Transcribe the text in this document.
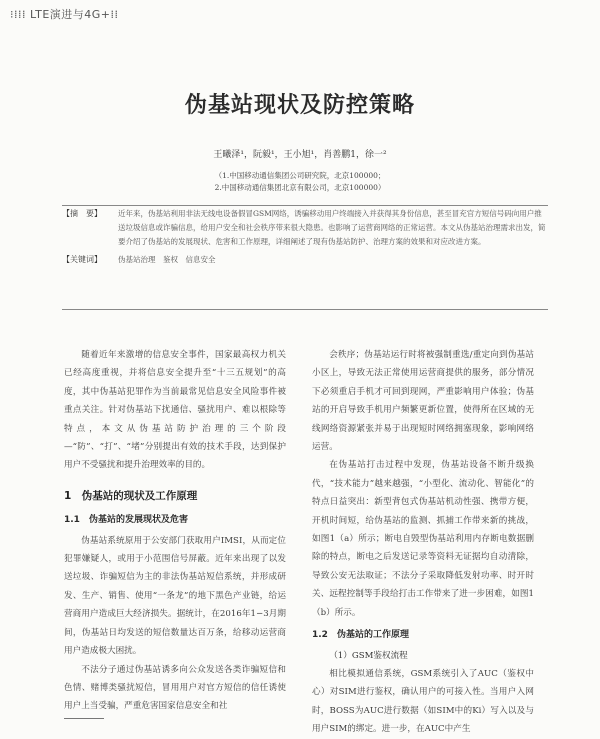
⁝⁞⁞⁞ LTE演进与4G+⁞⁞
伪基站现状及防控策略
王曦泽¹，阮毅¹，王小旭¹，肖善鹏1，徐一²
（1.中国移动通信集团公司研究院，北京100000；
2.中国移动通信集团北京有限公司，北京100000）
【摘　要】	近年来，伪基站利用非法无线电设备假冒GSM网络，诱骗移动用户终端接入并获得其身份信息，甚至冒充官方短信号码向用户推送垃圾信息或诈骗信息，给用户安全和社会秩序带来很大隐患。也影响了运营商网络的正常运营。本文从伪基站治理需求出发，简要介绍了伪基站的发展现状、危害和工作原理，详细阐述了现有伪基站防护、治理方案的效果和对应改进方案。
【关键词】	伪基站治理　鉴权　信息安全

随着近年来激增的信息安全事件，国家最高权力机关已经高度重视，并将信息安全提升至“十三五规划”的高度，其中伪基站犯罪作为当前最常见信息安全风险事件被重点关注。针对伪基站下扰通信、骚扰用户、难以根除等特点，本文从伪基站防护治理的三个阶段—“防”、“打”、“堵”分别提出有效的技术手段，达到保护用户不受骚扰和提升治理效率的目的。

1　伪基站的现状及工作原理
1.1　伪基站的发展现状及危害

伪基站系统原用于公安部门获取用户IMSI，从而定位犯罪嫌疑人，或用于小范围信号屏蔽。近年来出现了以发送垃圾、诈骗短信为主的非法伪基站短信系统，并形成研发、生产、销售、使用“一条龙”的地下黑色产业链，给运营商用户造成巨大经济损失。据统计，在2016年1−3月期间，伪基站日均发送的短信数量达百万条，给移动运营商用户造成极大困扰。

不法分子通过伪基站诱多向公众发送各类诈骗短信和色情、赌博类骚扰短信，冒用用户对官方短信的信任诱使用户上当受骗，严重危害国家信息安全和社

会秩序；伪基站运行时将被强制重选/重定向到伪基站小区上，导致无法正常使用运营商提供的服务，部分情况下必须重启手机才可回到现网，严重影响用户体验；伪基站的开启导致手机用户频繁更新位置，使得所在区域的无线网络资源紧张并易于出现短时网络拥塞现象，影响网络运营。

在伪基站打击过程中发现，伪基站设备不断升级换代，“技术能力”越来越强，“小型化、流动化、智能化”的特点日益突出：新型背包式伪基站机动性强、携带方便，开机时间短，给伪基站的监测、抓捕工作带来新的挑战，如图1（a）所示；断电自毁型伪基站利用内存断电数据删除的特点，断电之后发送记录等资料无证据均自动清除，导致公安无法取证；不法分子采取降低发射功率、时开时关、远程控制等手段给打击工作带来了进一步困难，如图1（b）所示。

1.2　伪基站的工作原理
（1）GSM鉴权流程

相比模拟通信系统，GSM系统引入了AUC（鉴权中心）对SIM进行鉴权，确认用户的可接入性。当用户入网时，BOSS为AUC进行数据（如SIM中的Ki）写入以及与用户SIM的绑定。进一步，在AUC中产生
